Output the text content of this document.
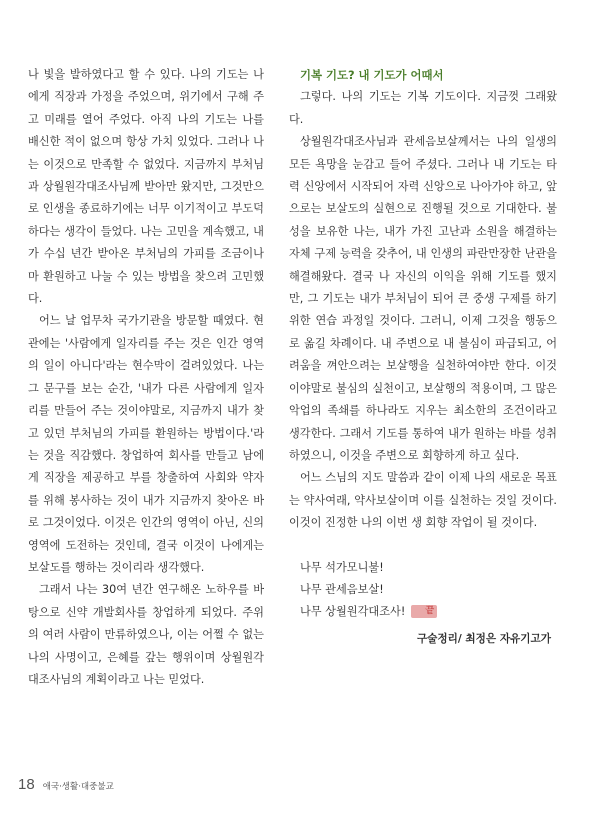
나 빛을 발하였다고 할 수 있다. 나의 기도는 나에게 직장과 가정을 주었으며, 위기에서 구해 주고 미래를 열어 주었다. 아직 나의 기도는 나를 배신한 적이 없으며 항상 가치 있었다. 그러나 나는 이것으로 만족할 수 없었다. 지금까지 부처님과 상월원각대조사님께 받아만 왔지만, 그것만으로 인생을 종료하기에는 너무 이기적이고 부도덕하다는 생각이 들었다. 나는 고민을 계속했고, 내가 수십 년간 받아온 부처님의 가피를 조금이나마 환원하고 나눌 수 있는 방법을 찾으려 고민했다.

어느 날 업무차 국가기관을 방문할 때였다. 현관에는 '사람에게 일자리를 주는 것은 인간 영역의 일이 아니다'라는 현수막이 걸려있었다. 나는 그 문구를 보는 순간, '내가 다른 사람에게 일자리를 만들어 주는 것이야말로, 지금까지 내가 찾고 있던 부처님의 가피를 환원하는 방법이다.'라는 것을 직감했다. 창업하여 회사를 만들고 남에게 직장을 제공하고 부를 창출하여 사회와 약자를 위해 봉사하는 것이 내가 지금까지 찾아온 바로 그것이었다. 이것은 인간의 영역이 아닌, 신의 영역에 도전하는 것인데, 결국 이것이 나에게는 보살도를 행하는 것이리라 생각했다.

그래서 나는 30여 년간 연구해온 노하우를 바탕으로 신약 개발회사를 창업하게 되었다. 주위의 여러 사람이 만류하였으나, 이는 어쩔 수 없는 나의 사명이고, 은혜를 갚는 행위이며 상월원각대조사님의 계획이라고 나는 믿었다.

기복 기도? 내 기도가 어때서

그렇다. 나의 기도는 기복 기도이다. 지금껏 그래왔다.

상월원각대조사님과 관세음보살께서는 나의 일생의 모든 욕망을 눈감고 들어 주셨다. 그러나 내 기도는 타력 신앙에서 시작되어 자력 신앙으로 나아가야 하고, 앞으로는 보살도의 실현으로 진행될 것으로 기대한다. 불성을 보유한 나는, 내가 가진 고난과 소원을 해결하는 자체 구제 능력을 갖추어, 내 인생의 파란만장한 난관을 해결해왔다. 결국 나 자신의 이익을 위해 기도를 했지만, 그 기도는 내가 부처님이 되어 큰 중생 구제를 하기 위한 연습 과정일 것이다. 그러니, 이제 그것을 행동으로 옮길 차례이다. 내 주변으로 내 불심이 파급되고, 어려움을 껴안으려는 보살행을 실천하여야만 한다. 이것이야말로 불심의 실천이고, 보살행의 적용이며, 그 많은 악업의 족쇄를 하나라도 지우는 최소한의 조건이라고 생각한다. 그래서 기도를 통하여 내가 원하는 바를 성취하였으니, 이것을 주변으로 회향하게 하고 싶다.

어느 스님의 지도 말씀과 같이 이제 나의 새로운 목표는 약사여래, 약사보살이며 이를 실천하는 것일 것이다. 이것이 진정한 나의 이번 생 회향 작업이 될 것이다.

나무 석가모니불!
나무 관세음보살!
나무 상월원각대조사! 끝
구술정리/ 최정은 자유기고가
18 애국·생활·대중불교
